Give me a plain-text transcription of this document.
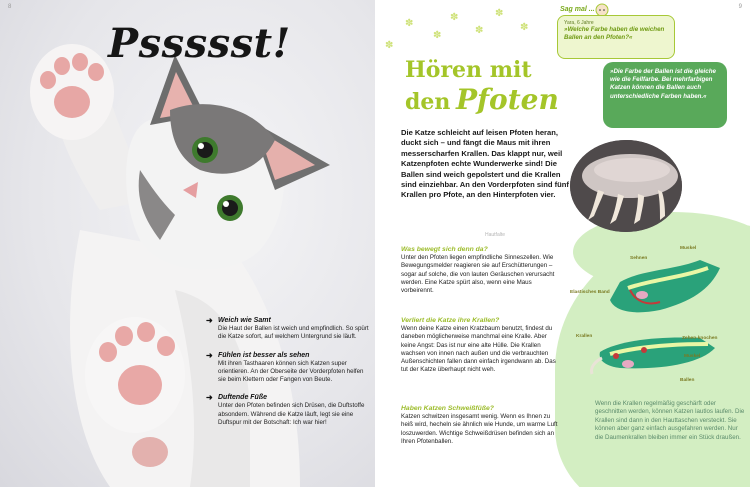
8
Pssssst!
➜ Weich wie Samt

Die Haut der Ballen ist weich und empfindlich. So spürt die Katze sofort, auf welchem Untergrund sie läuft.

➜ Fühlen ist besser als sehen

Mit ihren Tasthaaren können sich Katzen super orientieren. An der Oberseite der Vorderpfoten helfen sie beim Klettern oder Fangen von Beute.

➜ Duftende Füße

Unter den Pfoten befinden sich Drüsen, die Duftstoffe absondern. Während die Katze läuft, legt sie eine Duftspur mit der Botschaft: Ich war hier!

9
✽
✽
✽
✽
✽
✽
✽
Hören mit
den Pfoten

Die Katze schleicht auf leisen Pfoten heran, duckt sich – und fängt die Maus mit ihren messerscharfen Krallen. Das klappt nur, weil Katzenpfoten echte Wunderwerke sind! Die Ballen sind weich gepolstert und die Krallen sind einziehbar. An den Vorderpfoten sind fünf Krallen pro Pfote, an den Hinterpfoten vier.

Hautfalte
Was bewegt sich denn da?

Unter den Pfoten liegen empfindliche Sinneszellen. Wie Bewegungsmelder reagieren sie auf Erschütterungen – sogar auf solche, die von lauten Geräuschen verursacht werden. Eine Katze spürt also, wenn eine Maus vorbeirennt.

Verliert die Katze ihre Krallen?

Wenn deine Katze einen Kratzbaum benutzt, findest du daneben möglicherweise manchmal eine Kralle. Aber keine Angst: Das ist nur eine alte Hülle. Die Krallen wachsen von innen nach außen und die verbrauchten Außenschichten fallen dann einfach irgendwann ab. Das tut der Katze überhaupt nicht weh.

Haben Katzen Schweißfüße?

Katzen schwitzen insgesamt wenig. Wenn es Ihnen zu heiß wird, hecheln sie ähnlich wie Hunde, um warme Luft loszuwerden. Wichtige Schweißdrüsen befinden sich an Ihren Pfotenballen.

Muskel
Sehnen
Elastisches Band
Krallen	Zehen-knochen
Muskel
Ballen

Wenn die Krallen regelmäßig geschärft oder geschnitten werden, können Katzen lautlos laufen. Die Krallen sind dann in den Hauttaschen versteckt. Sie können aber ganz einfach ausgefahren werden. Nur die Daumenkrallen bleiben immer ein Stück draußen.

Sag mal ...
Yara, 6 Jahre
»Welche Farbe haben die weichen Ballen an den Pfoten?«
»Die Farbe der Ballen ist die gleiche wie die Fellfarbe. Bei mehrfarbigen Katzen können die Ballen auch unterschiedliche Farben haben.«
